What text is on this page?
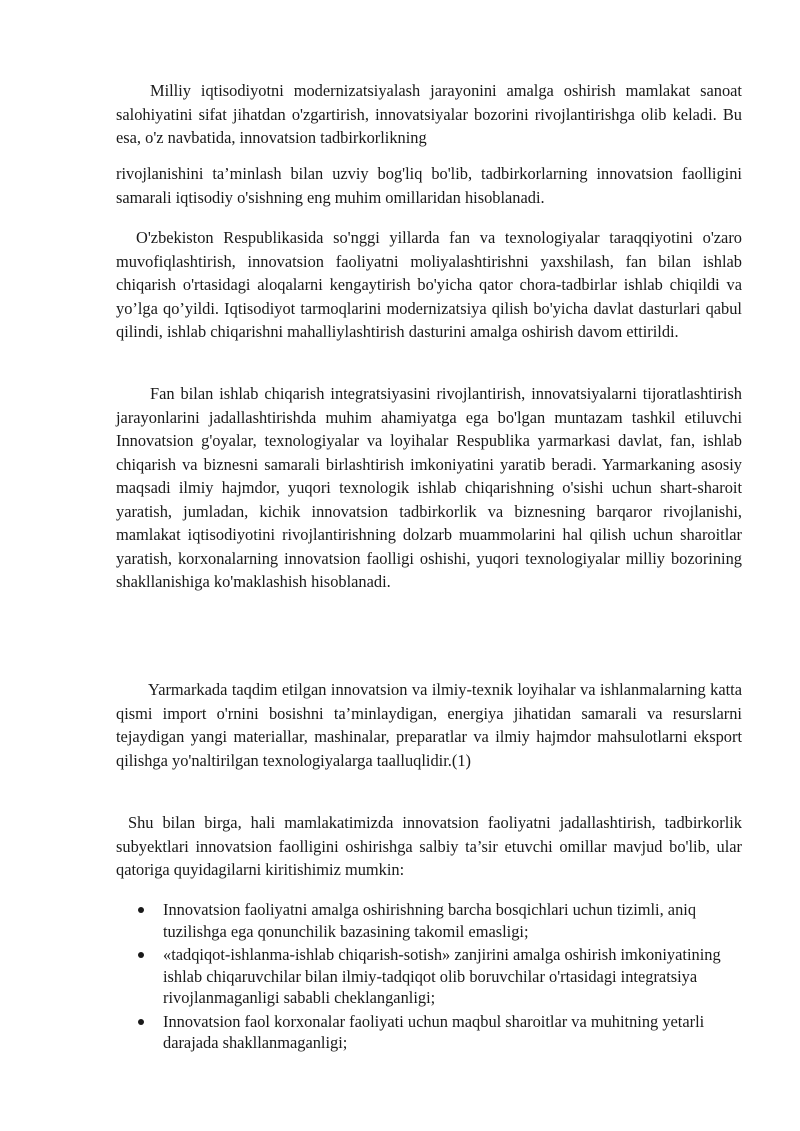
Milliy iqtisodiyotni modernizatsiyalash jarayonini amalga oshirish mamlakat sanoat salohiyatini sifat jihatdan o'zgartirish, innovatsiyalar bozorini rivojlantirishga olib keladi. Bu esa, o'z navbatida, innovatsion tadbirkorlikning

rivojlanishini ta’minlash bilan uzviy bog'liq bo'lib, tadbirkorlarning innovatsion faolligini samarali iqtisodiy o'sishning eng muhim omillaridan hisoblanadi.

O'zbekiston Respublikasida so'nggi yillarda fan va texnologiyalar taraqqiyotini o'zaro muvofiqlashtirish, innovatsion faoliyatni moliyalashtirishni yaxshilash, fan bilan ishlab chiqarish o'rtasidagi aloqalarni kengaytirish bo'yicha qator chora-tadbirlar ishlab chiqildi va yo’lga qo’yildi. Iqtisodiyot tarmoqlarini modernizatsiya qilish bo'yicha davlat dasturlari qabul qilindi, ishlab chiqarishni mahalliylashtirish dasturini amalga oshirish davom ettirildi.

Fan bilan ishlab chiqarish integratsiyasini rivojlantirish, innovatsiyalarni tijoratlashtirish jarayonlarini jadallashtirishda muhim ahamiyatga ega bo'lgan muntazam tashkil etiluvchi Innovatsion g'oyalar, texnologiyalar va loyihalar Respublika yarmarkasi davlat, fan, ishlab chiqarish va biznesni samarali birlashtirish imkoniyatini yaratib beradi. Yarmarkaning asosiy maqsadi ilmiy hajmdor, yuqori texnologik ishlab chiqarishning o'sishi uchun shart-sharoit yaratish, jumladan, kichik innovatsion tadbirkorlik va biznesning barqaror rivojlanishi, mamlakat iqtisodiyotini rivojlantirishning dolzarb muammolarini hal qilish uchun sharoitlar yaratish, korxonalarning innovatsion faolligi oshishi, yuqori texnologiyalar milliy bozorining shakllanishiga ko'maklashish hisoblanadi.

Yarmarkada taqdim etilgan innovatsion va ilmiy-texnik loyihalar va ishlanmalarning katta qismi import o'rnini bosishni ta’minlaydigan, energiya jihatidan samarali va resurslarni tejaydigan yangi materiallar, mashinalar, preparatlar va ilmiy hajmdor mahsulotlarni eksport qilishga yo'naltirilgan texnologiyalarga taalluqlidir.(1)

Shu bilan birga, hali mamlakatimizda innovatsion faoliyatni jadallashtirish, tadbirkorlik subyektlari innovatsion faolligini oshirishga salbiy ta’sir etuvchi omillar mavjud bo'lib, ular qatoriga quyidagilarni kiritishimiz mumkin:

Innovatsion faoliyatni amalga oshirishning barcha bosqichlari uchun tizimli, aniq tuzilishga ega qonunchilik bazasining takomil emasligi;
«tadqiqot-ishlanma-ishlab chiqarish-sotish» zanjirini amalga oshirish imkoniyatining ishlab chiqaruvchilar bilan ilmiy-tadqiqot olib boruvchilar o'rtasidagi integratsiya rivojlanmaganligi sababli cheklanganligi;
Innovatsion faol korxonalar faoliyati uchun maqbul sharoitlar va muhitning yetarli darajada shakllanmaganligi;
